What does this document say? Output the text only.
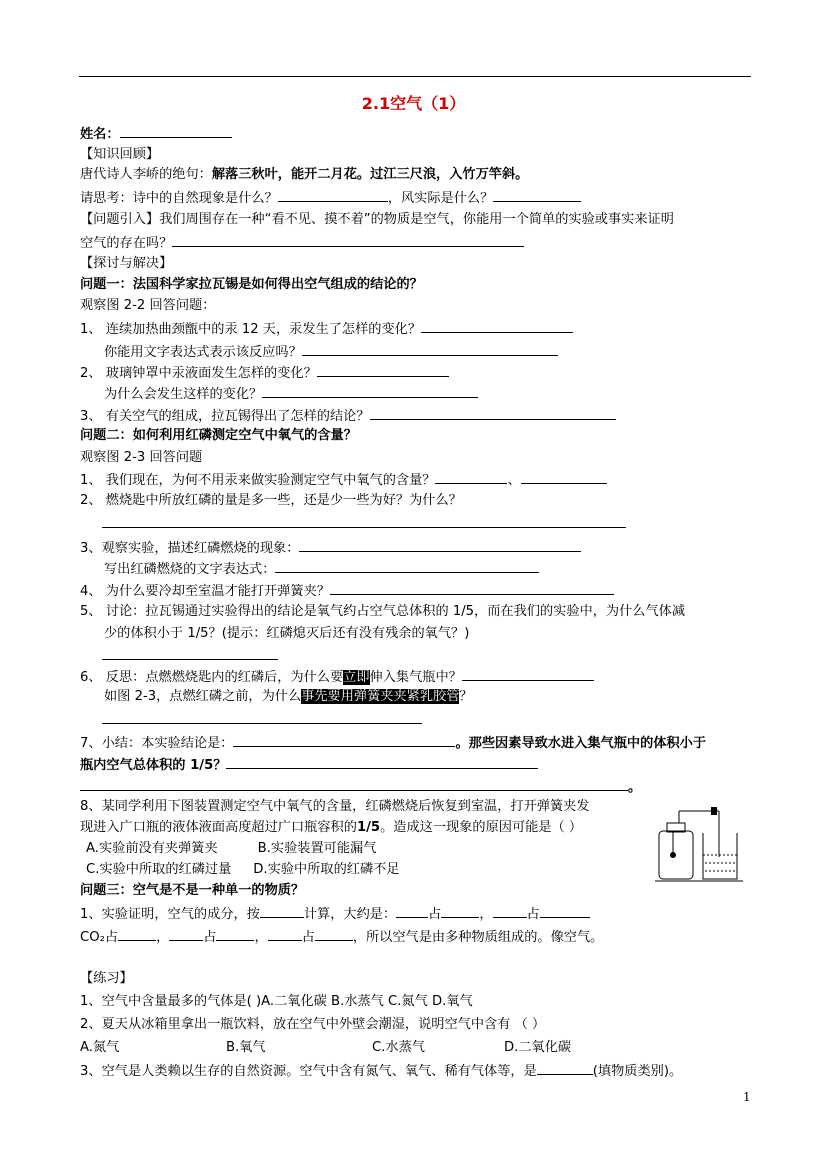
2.1空气（1）
姓名：
【知识回顾】
唐代诗人李峤的绝句：解落三秋叶，能开二月花。过江三尺浪，入竹万竿斜。
请思考：诗中的自然现象是什么？	，风实际是什么？
【问题引入】我们周围存在一种“看不见、摸不着”的物质是空气，你能用一个简单的实验或事实来证明
空气的存在吗？
【探讨与解决】
问题一：法国科学家拉瓦锡是如何得出空气组成的结论的？
观察图 2-2 回答问题：
1、 连续加热曲颈甑中的汞 12 天，汞发生了怎样的变化？
你能用文字表达式表示该反应吗？
2、 玻璃钟罩中汞液面发生怎样的变化？
为什么会发生这样的变化？
3、 有关空气的组成，拉瓦锡得出了怎样的结论？
问题二：如何利用红磷测定空气中氧气的含量？
观察图 2-3 回答问题
1、 我们现在，为何不用汞来做实验测定空气中氧气的含量？	、
2、 燃烧匙中所放红磷的量是多一些，还是少一些为好？为什么？
3、观察实验，描述红磷燃烧的现象：
写出红磷燃烧的文字表达式：
4、 为什么要冷却至室温才能打开弹簧夹？
5、 讨论：拉瓦锡通过实验得出的结论是氧气约占空气总体积的 1/5，而在我们的实验中，为什么气体减
少的体积小于 1/5？(提示：红磷熄灭后还有没有残余的氧气？)
6、 反思：点燃燃烧匙内的红磷后，为什么要立即伸入集气瓶中？
如图 2-3，点燃红磷之前，为什么事先要用弹簧夹夹紧乳胶管？
7、小结：本实验结论是：	。那些因素导致水进入集气瓶中的体积小于
瓶内空气总体积的 1/5？
。
8、某同学利用下图装置测定空气中氧气的含量，红磷燃烧后恢复到室温，打开弹簧夹发
现进入广口瓶的液体液面高度超过广口瓶容积的1/5。造成这一现象的原因可能是（ ）
A.实验前没有夹弹簧夹	B.实验装置可能漏气
C.实验中所取的红磷过量 D.实验中所取的红磷不足
问题三：空气是不是一种单一的物质？
1、实验证明，空气的成分，按	计算，大约是： 占	，	占
CO₂占	，	占	，	占	，所以空气是由多种物质组成的。像空气。
【练习】
1、空气中含量最多的气体是( )A.二氧化碳 B.水蒸气 C.氮气 D.氧气
2、夏天从冰箱里拿出一瓶饮料，放在空气中外壁会潮湿，说明空气中含有 （ ）
A.氮气	B.氧气	C.水蒸气	D.二氧化碳
3、空气是人类赖以生存的自然资源。空气中含有氮气、氧气、稀有气体等，是	(填物质类别)。
1
